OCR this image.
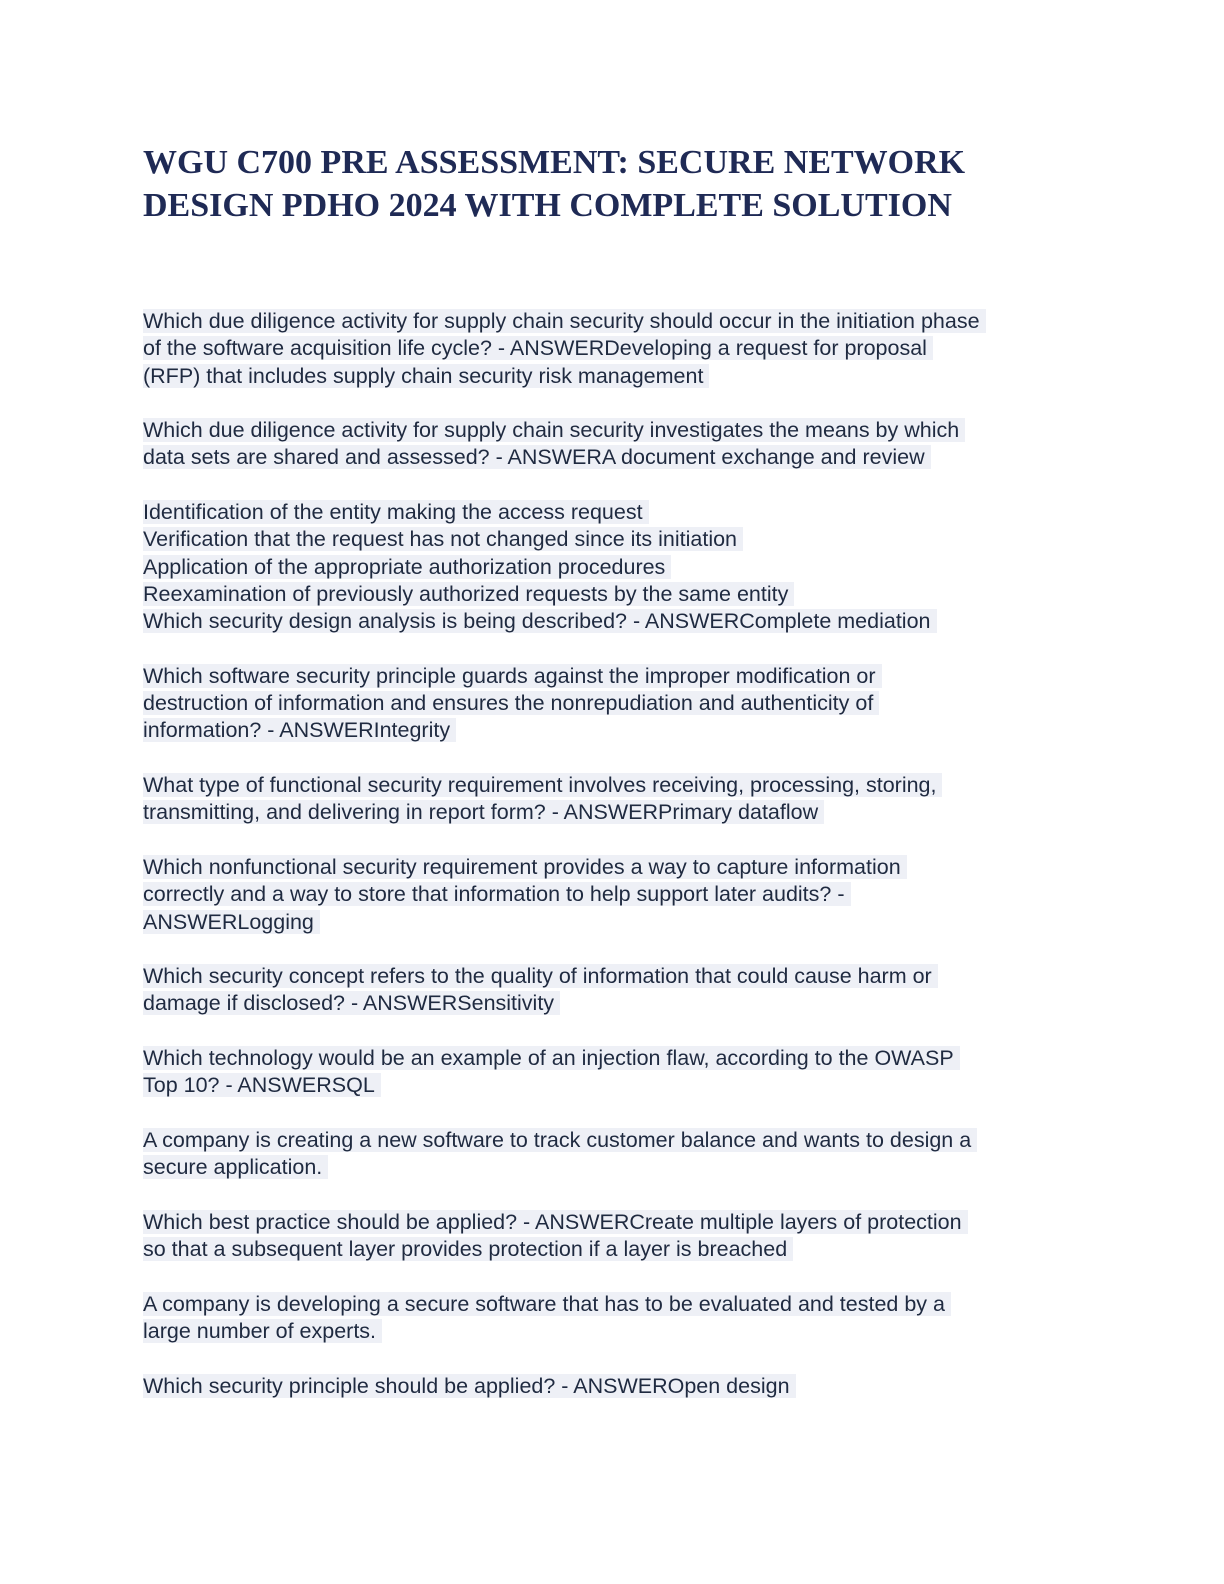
WGU C700 PRE ASSESSMENT: SECURE NETWORK
DESIGN PDHO 2024 WITH COMPLETE SOLUTION

Which due diligence activity for supply chain security should occur in the initiation phase
of the software acquisition life cycle? - ANSWERDeveloping a request for proposal
(RFP) that includes supply chain security risk management

Which due diligence activity for supply chain security investigates the means by which
data sets are shared and assessed? - ANSWERA document exchange and review

Identification of the entity making the access request
Verification that the request has not changed since its initiation
Application of the appropriate authorization procedures
Reexamination of previously authorized requests by the same entity
Which security design analysis is being described? - ANSWERComplete mediation

Which software security principle guards against the improper modification or
destruction of information and ensures the nonrepudiation and authenticity of
information? - ANSWERIntegrity

What type of functional security requirement involves receiving, processing, storing,
transmitting, and delivering in report form? - ANSWERPrimary dataflow

Which nonfunctional security requirement provides a way to capture information
correctly and a way to store that information to help support later audits? -
ANSWERLogging

Which security concept refers to the quality of information that could cause harm or
damage if disclosed? - ANSWERSensitivity

Which technology would be an example of an injection flaw, according to the OWASP
Top 10? - ANSWERSQL

A company is creating a new software to track customer balance and wants to design a
secure application.

Which best practice should be applied? - ANSWERCreate multiple layers of protection
so that a subsequent layer provides protection if a layer is breached

A company is developing a secure software that has to be evaluated and tested by a
large number of experts.

Which security principle should be applied? - ANSWEROpen design
